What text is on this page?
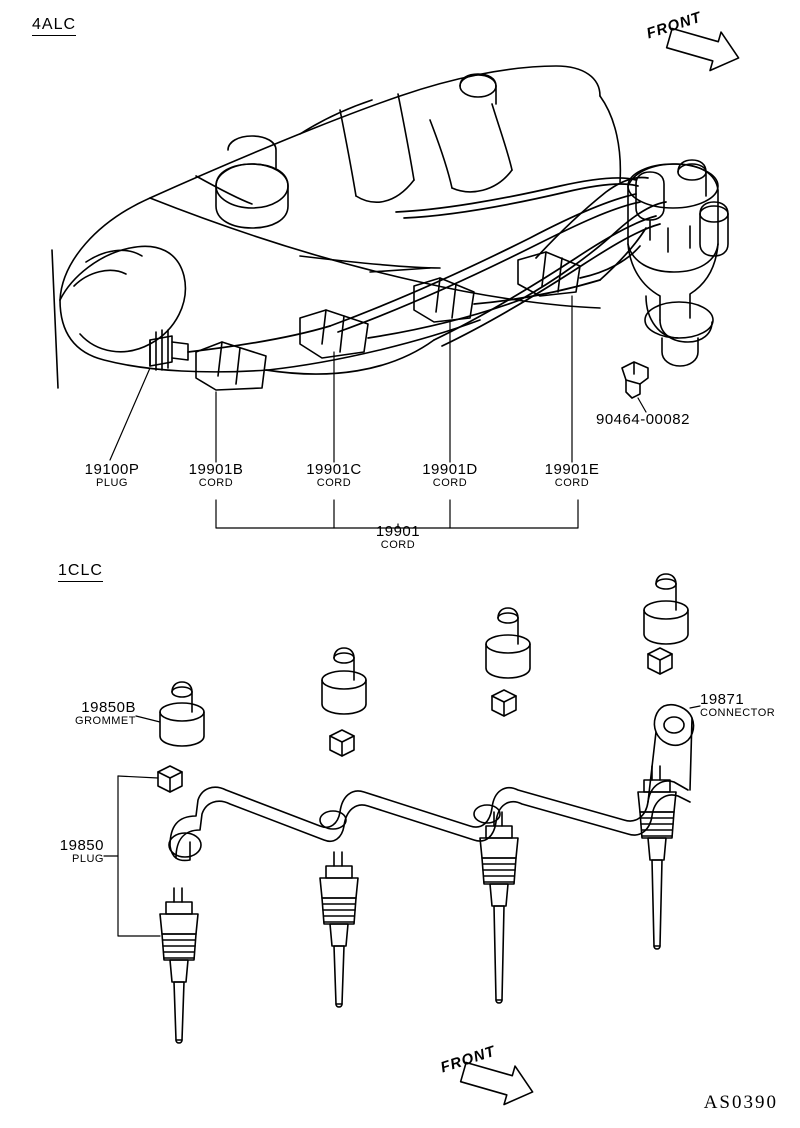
4ALC
1CLC
FRONT
FRONT
19100P
PLUG
19901B
CORD
19901C
CORD
19901D
CORD
19901E
CORD
19901
CORD
90464-00082
19850B
GROMMET
19850
PLUG
19871
CONNECTOR
AS0390
